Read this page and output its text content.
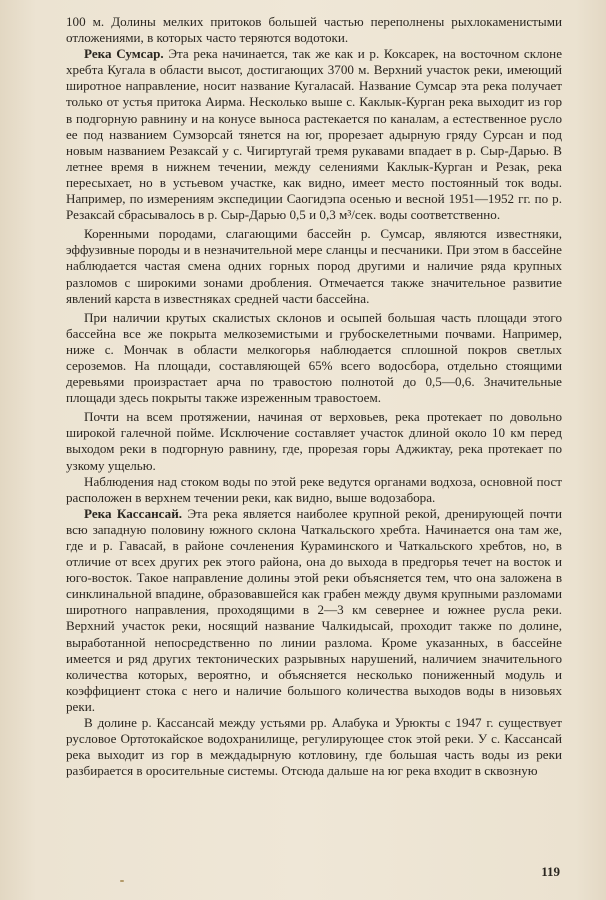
100 м. Долины мелких притоков большей частью переполнены рыхлокаменистыми отложениями, в которых часто теряются водотоки.

Река Сумсар. Эта река начинается, так же как и р. Коксарек, на восточном склоне хребта Кугала в области высот, достигающих 3700 м. Верхний участок реки, имеющий широтное направление, носит название Кугаласай. Название Сумсар эта река получает только от устья притока Аирма. Несколько выше с. Каклык-Курган река выходит из гор в подгорную равнину и на конусе выноса растекается по каналам, а естественное русло ее под названием Сумзорсай тянется на юг, прорезает адырную гряду Сурсан и под новым названием Резаксай у с. Чигиртугай тремя рукавами впадает в р. Сыр-Дарью. В летнее время в нижнем течении, между селениями Каклык-Курган и Резак, река пересыхает, но в устьевом участке, как видно, имеет место постоянный ток воды. Например, по измерениям экспедиции Саогидэпа осенью и весной 1951—1952 гг. по р. Резаксай сбрасывалось в р. Сыр-Дарью 0,5 и 0,3 м³/сек. воды соответственно.

Коренными породами, слагающими бассейн р. Сумсар, являются известняки, эффузивные породы и в незначительной мере сланцы и песчаники. При этом в бассейне наблюдается частая смена одних горных пород другими и наличие ряда крупных разломов с широкими зонами дробления. Отмечается также значительное развитие явлений карста в известняках средней части бассейна.

При наличии крутых скалистых склонов и осыпей большая часть площади этого бассейна все же покрыта мелкоземистыми и грубоскелетными почвами. Например, ниже с. Мончак в области мелкогорья наблюдается сплошной покров светлых сероземов. На площади, составляющей 65% всего водосбора, отдельно стоящими деревьями произрастает арча по травостою полнотой до 0,5—0,6. Значительные площади здесь покрыты также изреженным травостоем.

Почти на всем протяжении, начиная от верховьев, река протекает по довольно широкой галечной пойме. Исключение составляет участок длиной около 10 км перед выходом реки в подгорную равнину, где, прорезая горы Аджиктау, река протекает по узкому ущелью.

Наблюдения над стоком воды по этой реке ведутся органами водхоза, основной пост расположен в верхнем течении реки, как видно, выше водозабора.

Река Кассансай. Эта река является наиболее крупной рекой, дренирующей почти всю западную половину южного склона Чаткальского хребта. Начинается она там же, где и р. Гавасай, в районе сочленения Кураминского и Чаткальского хребтов, но, в отличие от всех других рек этого района, она до выхода в предгорья течет на восток и юго-восток. Такое направление долины этой реки объясняется тем, что она заложена в синклинальной впадине, образовавшейся как грабен между двумя крупными разломами широтного направления, проходящими в 2—3 км севернее и южнее русла реки. Верхний участок реки, носящий название Чалкидысай, проходит также по долине, выработанной непосредственно по линии разлома. Кроме указанных, в бассейне имеется и ряд других тектонических разрывных нарушений, наличием значительного количества которых, вероятно, и объясняется несколько пониженный модуль и коэффициент стока с него и наличие большого количества выходов воды в низовьях реки.

В долине р. Кассансай между устьями рр. Алабука и Урюкты с 1947 г. существует русловое Ортотокайское водохранилище, регулирующее сток этой реки. У с. Кассансай река выходит из гор в междадырную котловину, где большая часть воды из реки разбирается в оросительные системы. Отсюда дальше на юг река входит в сквозную

119
